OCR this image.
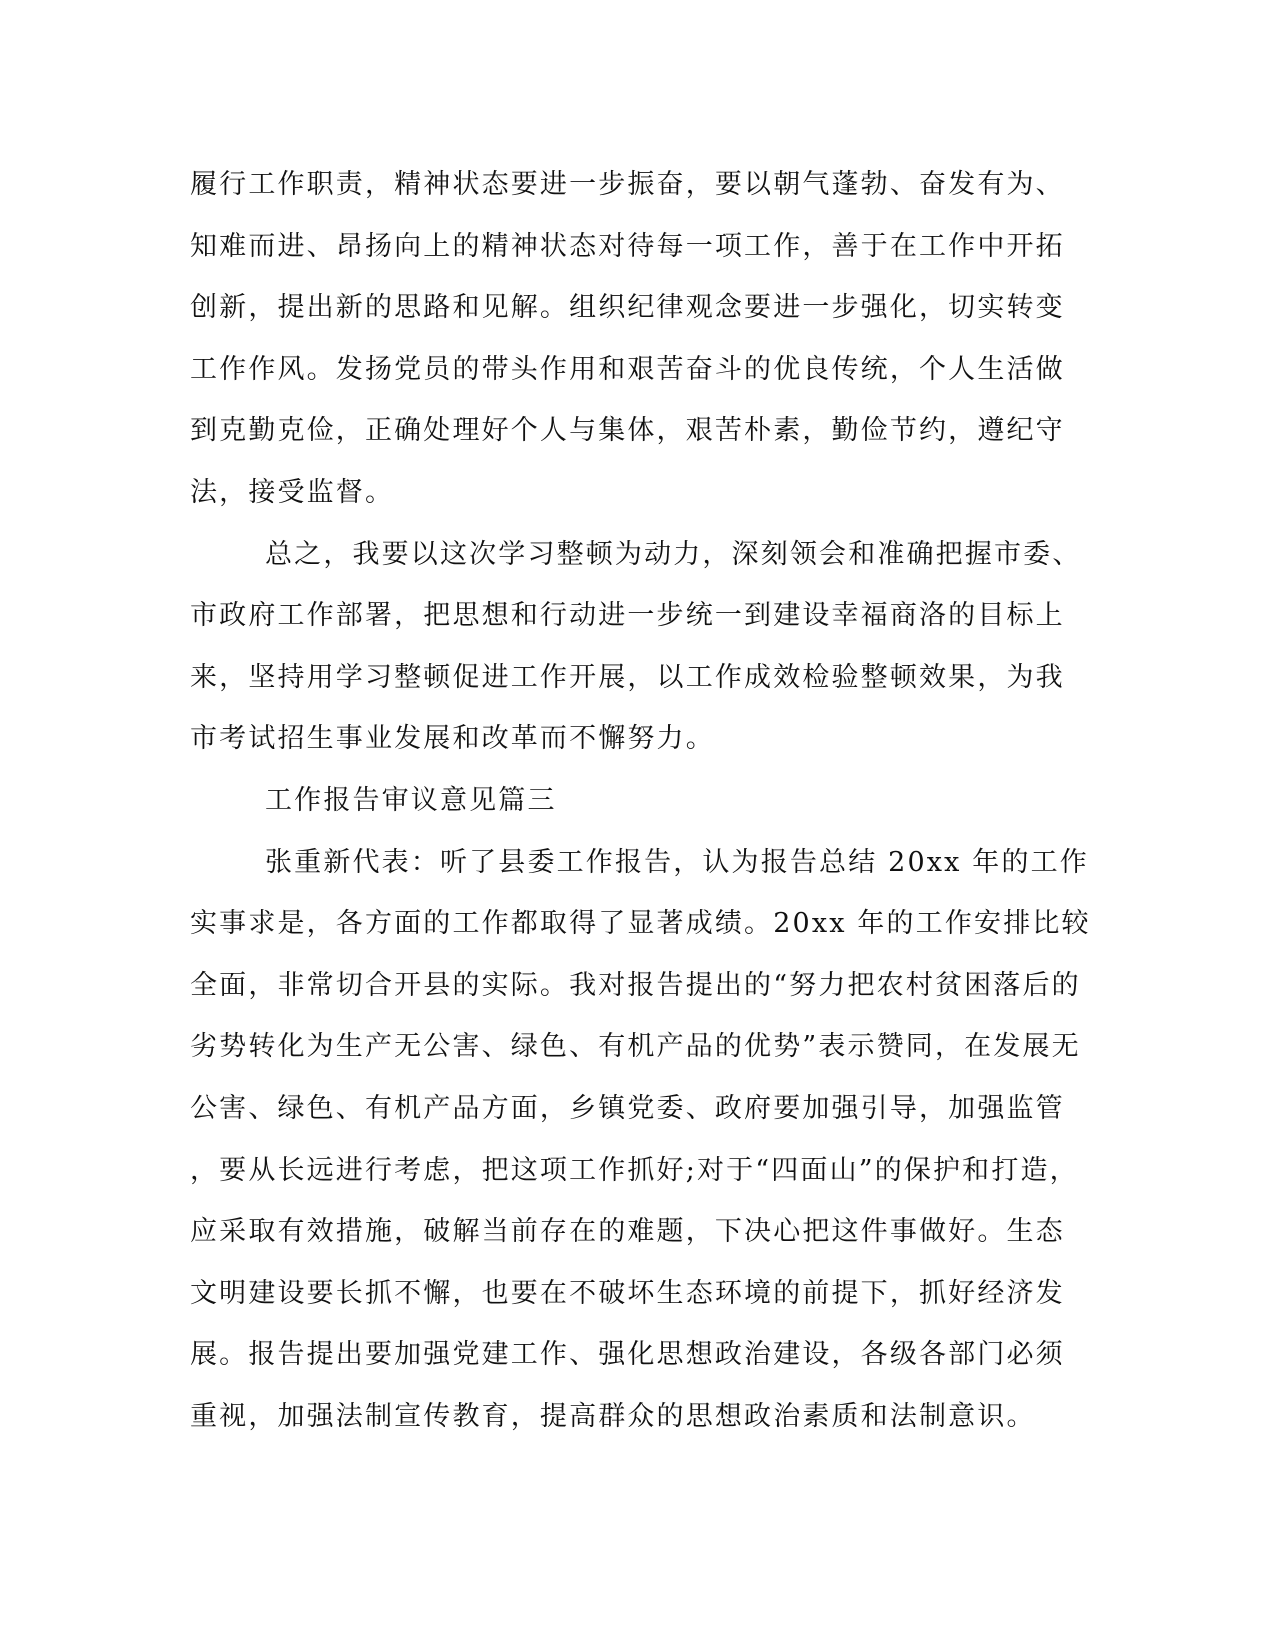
履行工作职责，精神状态要进一步振奋，要以朝气蓬勃、奋发有为、
知难而进、昂扬向上的精神状态对待每一项工作，善于在工作中开拓
创新，提出新的思路和见解。组织纪律观念要进一步强化，切实转变
工作作风。发扬党员的带头作用和艰苦奋斗的优良传统，个人生活做
到克勤克俭，正确处理好个人与集体，艰苦朴素，勤俭节约，遵纪守
法，接受监督。
总之，我要以这次学习整顿为动力，深刻领会和准确把握市委、
市政府工作部署，把思想和行动进一步统一到建设幸福商洛的目标上
来，坚持用学习整顿促进工作开展，以工作成效检验整顿效果，为我
市考试招生事业发展和改革而不懈努力。
工作报告审议意见篇三
张重新代表：听了县委工作报告，认为报告总结 20xx 年的工作
实事求是，各方面的工作都取得了显著成绩。20xx 年的工作安排比较
全面，非常切合开县的实际。我对报告提出的“努力把农村贫困落后的
劣势转化为生产无公害、绿色、有机产品的优势”表示赞同，在发展无
公害、绿色、有机产品方面，乡镇党委、政府要加强引导，加强监管
，要从长远进行考虑，把这项工作抓好;对于“四面山”的保护和打造，
应采取有效措施，破解当前存在的难题，下决心把这件事做好。生态
文明建设要长抓不懈，也要在不破坏生态环境的前提下，抓好经济发
展。报告提出要加强党建工作、强化思想政治建设，各级各部门必须
重视，加强法制宣传教育，提高群众的思想政治素质和法制意识。
